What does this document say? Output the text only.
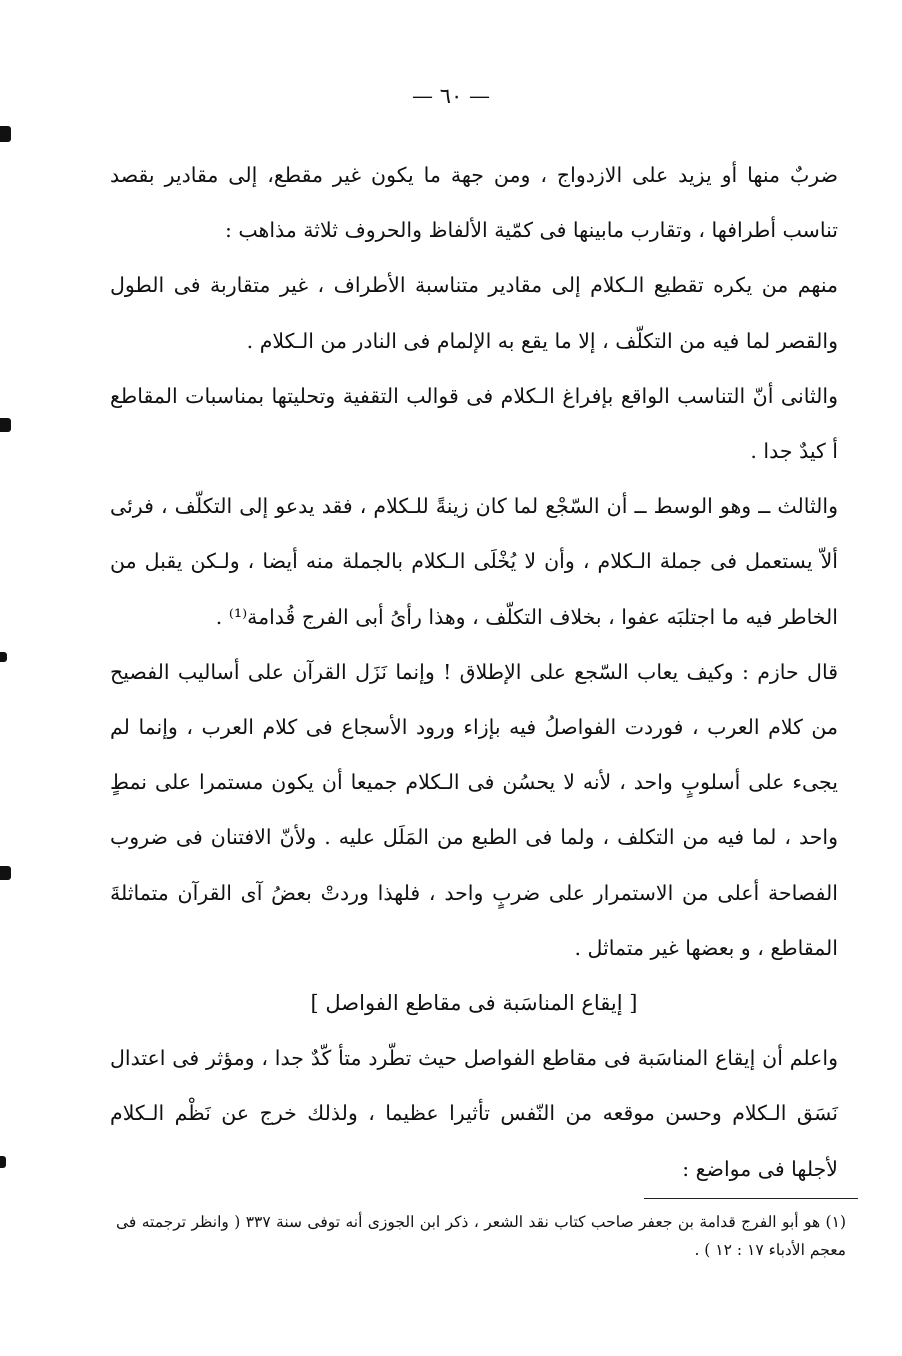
— ٦٠ —

ضربٌ منها أو يزيد على الازدواج ، ومن جهة ما يكون غير مقطع، إلى مقادير بقصد تناسب أطرافها ، وتقارب مابينها فى كمّية الألفاظ والحروف ثلاثة مذاهب :

منهم من يكره تقطيع الـكلام إلى مقادير متناسبة الأطراف ، غير متقاربة فى الطول والقصر لما فيه من التكلّف ، إلا ما يقع به الإلمام فى النادر من الـكلام .

والثانى أنّ التناسب الواقع بإفراغ الـكلام فى قوالب التقفية وتحليتها بمناسبات المقاطع أ كيدٌ جدا .

والثالث ــ وهو الوسط ــ أن السّجْع لما كان زينةً للـكلام ، فقد يدعو إلى التكلّف ، فرئى ألاّ يستعمل فى جملة الـكلام ، وأن لا يُخْلَى الـكلام بالجملة منه أيضا ، ولـكن يقبل من الخاطر فيه ما اجتلبَه عفوا ، بخلاف التكلّف ، وهذا رأىُ أبى الفرج قُدامة⁽¹⁾ .

قال حازم : وكيف يعاب السّجع على الإطلاق ! وإنما نَزَل القرآن على أساليب الفصيح من كلام العرب ، فوردت الفواصلُ فيه بإزاء ورود الأسجاع فى كلام العرب ، وإنما لم يجىء على أسلوبٍ واحد ، لأنه لا يحسُن فى الـكلام جميعا أن يكون مستمرا على نمطٍ واحد ، لما فيه من التكلف ، ولما فى الطبع من المَلَل عليه . ولأنّ الافتنان فى ضروب الفصاحة أعلى من الاستمرار على ضربٍ واحد ، فلهذا وردتْ بعضُ آى القرآن متماثلةَ المقاطع ، و بعضها غير متماثل .

[ إيقاع المناسَبة فى مقاطع الفواصل ]

واعلم أن إيقاع المناسَبة فى مقاطع الفواصل حيث تطّرد متأ كّدٌ جدا ، ومؤثر فى اعتدال نَسَق الـكلام وحسن موقعه من النّفس تأثيرا عظيما ، ولذلك خرج عن نَظْم الـكلام لأجلها فى مواضع :

(١) هو أبو الفرج قدامة بن جعفر صاحب كتاب نقد الشعر ، ذكر ابن الجوزى أنه توفى سنة ٣٣٧ ( وانظر ترجمته فى معجم الأدباء ١٧ : ١٢ ) .
